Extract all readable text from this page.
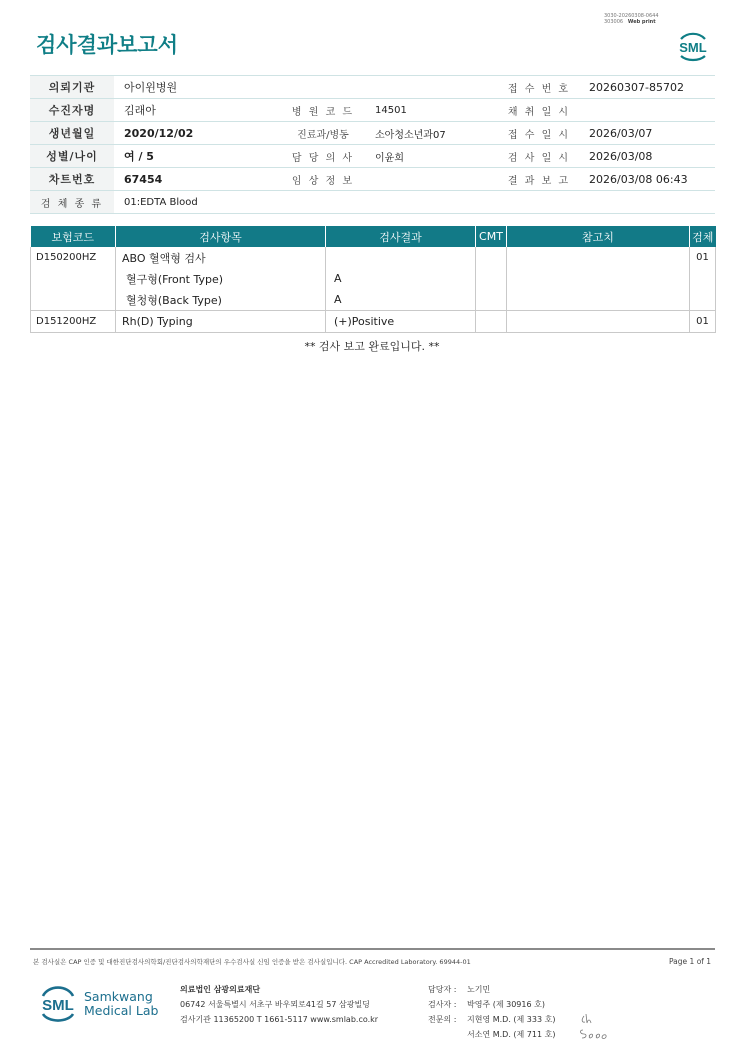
3030-20260308-0644
303006 Web print
검사결과보고서	SML
의뢰기관	아이윈병원			접 수 번 호	20260307-85702
수진자명	김래아	병 원 코 드	14501	채 취 일 시	
생년월일	2020/12/02	진료과/병동	소아청소년과07	접 수 일 시	2026/03/07
성별/나이	여 / 5	담 당 의 사	이윤희	검 사 일 시	2026/03/08
차트번호	67454	임 상 정 보		결 과 보 고	2026/03/08 06:43
검 체 종 류	01:EDTA Blood				
보험코드	검사항목	검사결과	CMT	참고치	검체
D150200HZ	ABO 혈액형 검사				01
	혈구형(Front Type)	A			
	혈청형(Back Type)	A			
D151200HZ	Rh(D) Typing	(+)Positive			01
** 검사 보고 완료입니다. **
본 검사실은 CAP 인증 및 대한진단검사의학회/진단검사의학재단의 우수검사실 신임 인증을 받은 검사실입니다. CAP Accredited Laboratory. 69944-01	Page 1 of 1
SML
Samkwang
Medical Lab
의료법인 삼광의료재단
06742 서울특별시 서초구 바우뫼로41길 57 삼광빌딩
검사기관 11365200 T 1661-5117 www.smlab.co.kr
담당자 : 노기민
검사자 : 박영주 (제 30916 호)
전문의 : 지현영 M.D. (제 333 호)
서소연 M.D. (제 711 호)
